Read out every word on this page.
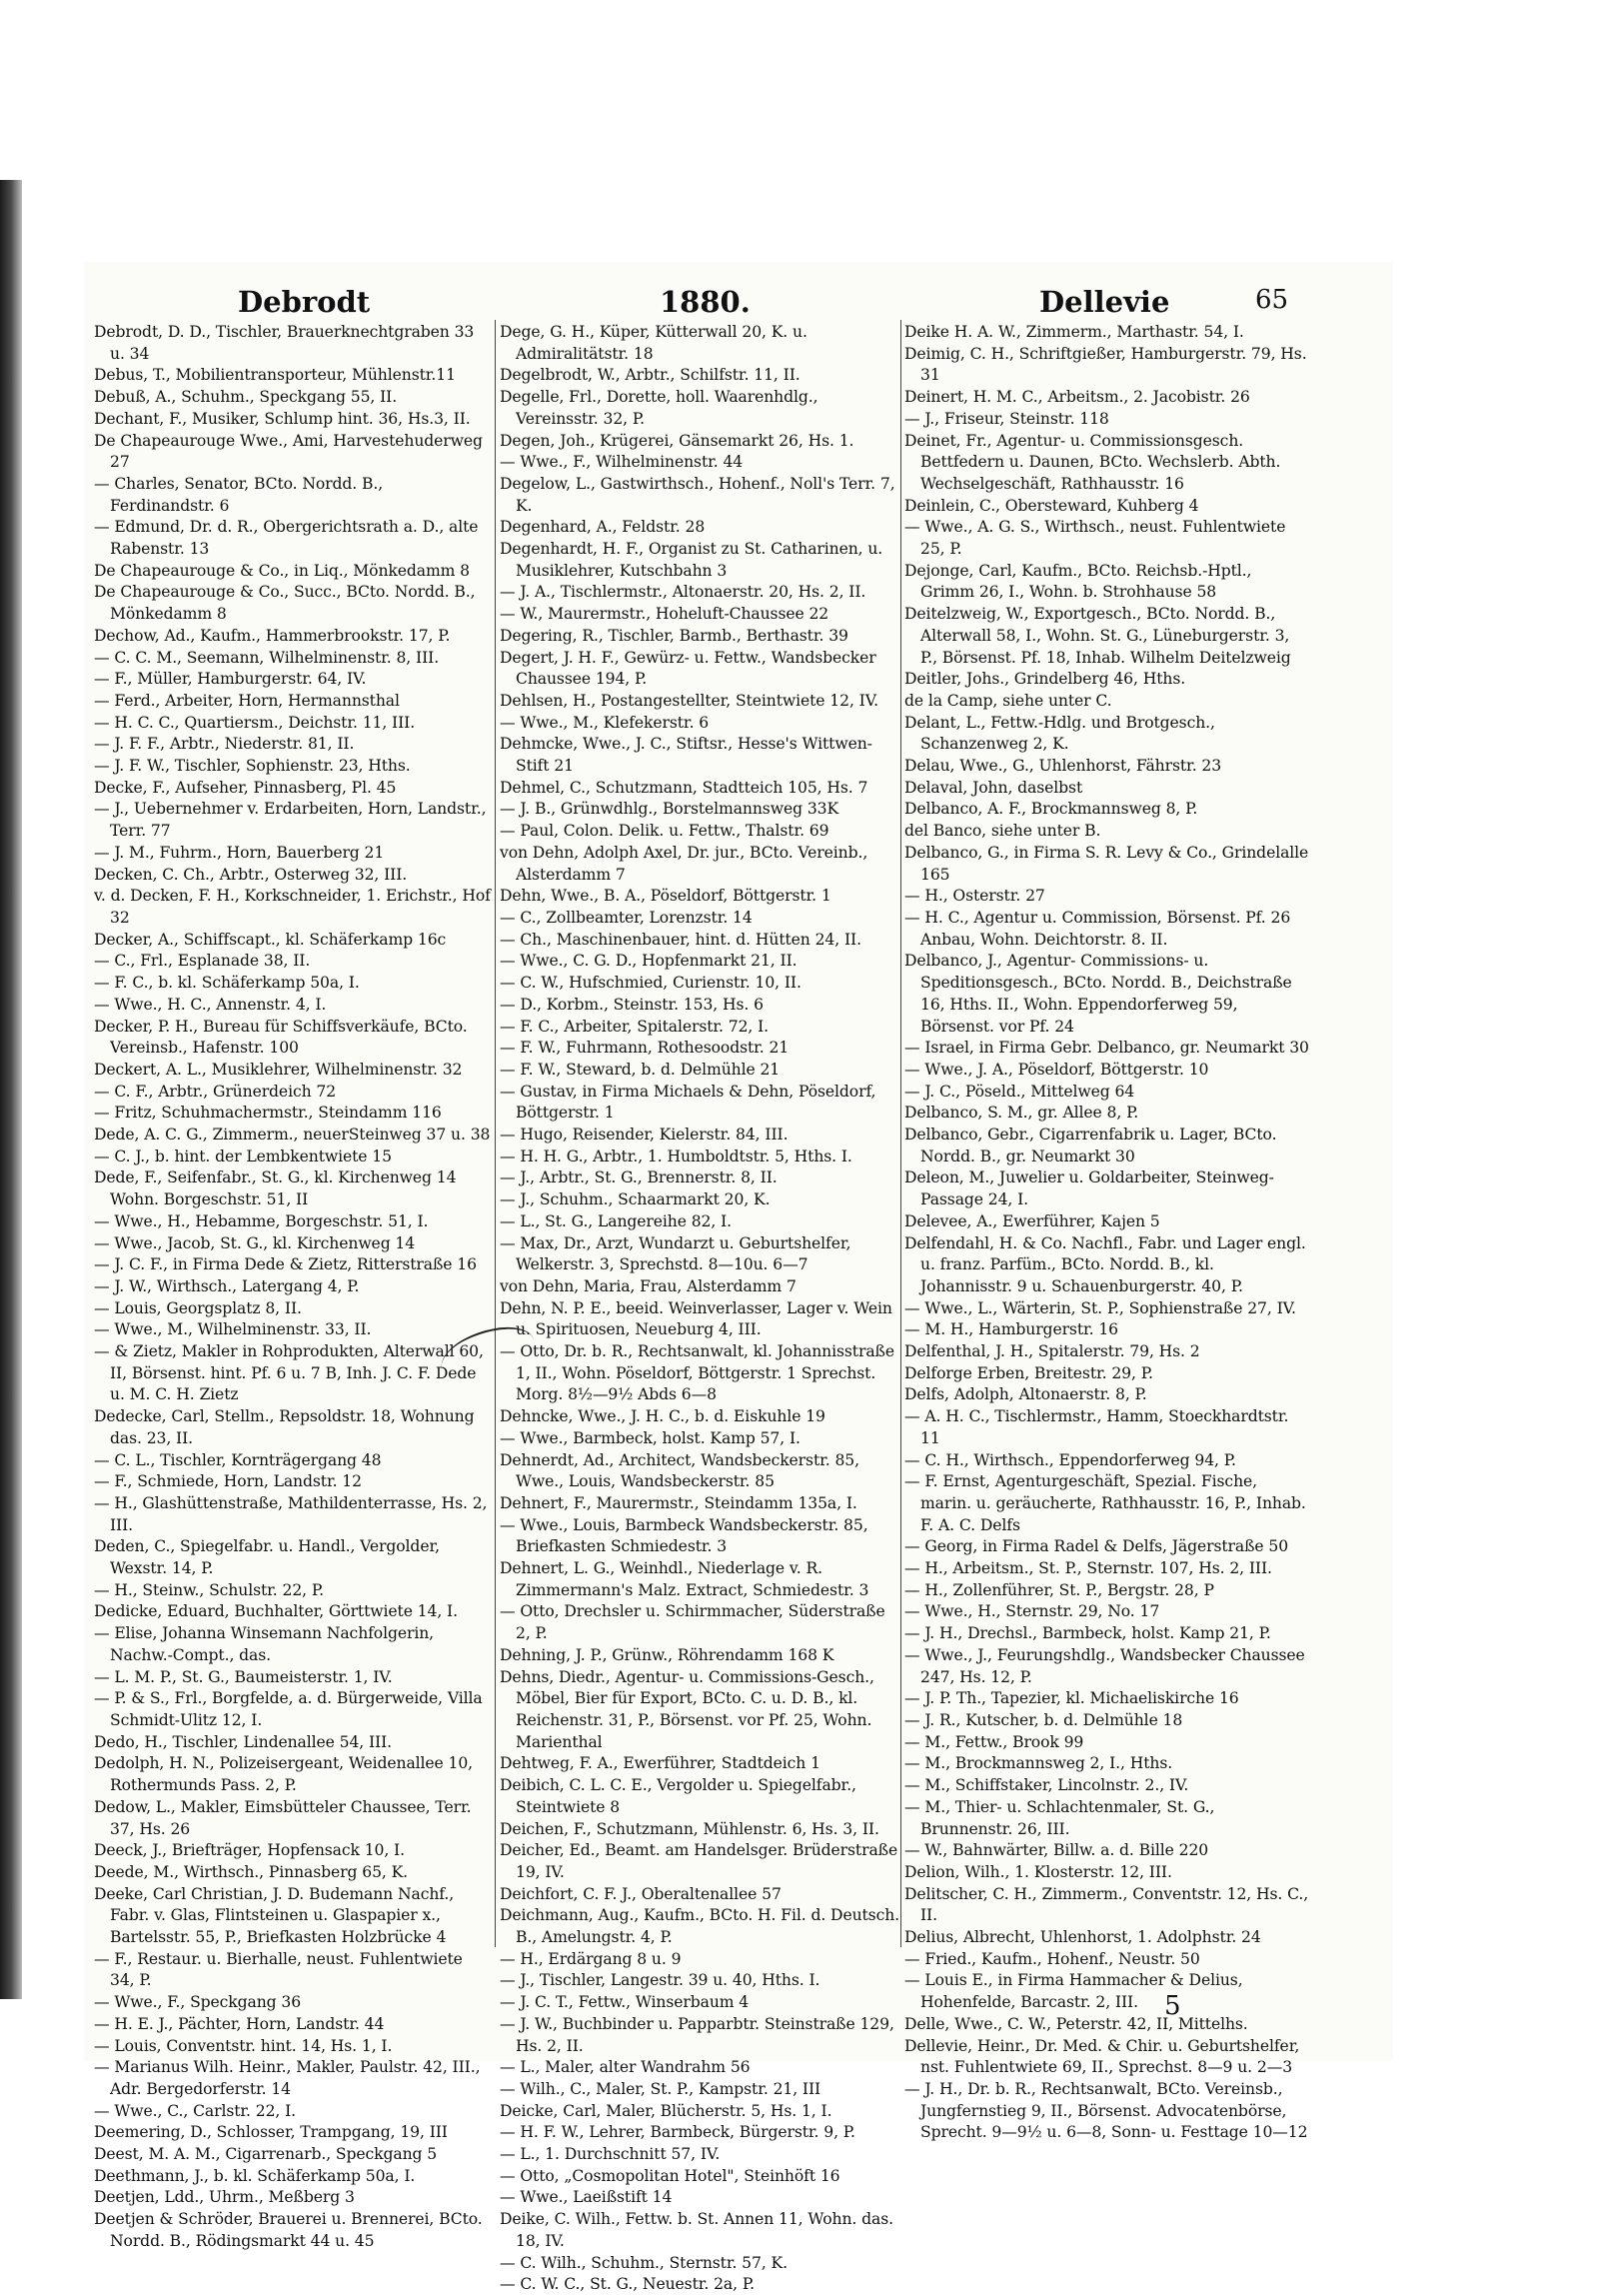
Debrodt	1880.	Dellevie	65

Debrodt, D. D., Tischler, Brauerknechtgraben 33 u. 34

Debus, T., Mobilientransporteur, Mühlenstr.11

Debuß, A., Schuhm., Speckgang 55, II.

Dechant, F., Musiker, Schlump hint. 36, Hs.3, II.

De Chapeaurouge Wwe., Ami, Harvestehuderweg 27

— Charles, Senator, BCto. Nordd. B., Ferdinandstr. 6

— Edmund, Dr. d. R., Obergerichtsrath a. D., alte Rabenstr. 13

De Chapeaurouge & Co., in Liq., Mönkedamm 8

De Chapeaurouge & Co., Succ., BCto. Nordd. B., Mönkedamm 8

Dechow, Ad., Kaufm., Hammerbrookstr. 17, P.

— C. C. M., Seemann, Wilhelminenstr. 8, III.

— F., Müller, Hamburgerstr. 64, IV.

— Ferd., Arbeiter, Horn, Hermannsthal

— H. C. C., Quartiersm., Deichstr. 11, III.

— J. F. F., Arbtr., Niederstr. 81, II.

— J. F. W., Tischler, Sophienstr. 23, Hths.

Decke, F., Aufseher, Pinnasberg, Pl. 45

— J., Uebernehmer v. Erdarbeiten, Horn, Landstr., Terr. 77

— J. M., Fuhrm., Horn, Bauerberg 21

Decken, C. Ch., Arbtr., Osterweg 32, III.

v. d. Decken, F. H., Korkschneider, 1. Erichstr., Hof 32

Decker, A., Schiffscapt., kl. Schäferkamp 16c

— C., Frl., Esplanade 38, II.

— F. C., b. kl. Schäferkamp 50a, I.

— Wwe., H. C., Annenstr. 4, I.

Decker, P. H., Bureau für Schiffsverkäufe, BCto. Vereinsb., Hafenstr. 100

Deckert, A. L., Musiklehrer, Wilhelminenstr. 32

— C. F., Arbtr., Grünerdeich 72

— Fritz, Schuhmachermstr., Steindamm 116

Dede, A. C. G., Zimmerm., neuerSteinweg 37 u. 38

— C. J., b. hint. der Lembkentwiete 15

Dede, F., Seifenfabr., St. G., kl. Kirchenweg 14 Wohn. Borgeschstr. 51, II

— Wwe., H., Hebamme, Borgeschstr. 51, I.

— Wwe., Jacob, St. G., kl. Kirchenweg 14

— J. C. F., in Firma Dede & Zietz, Ritterstraße 16

— J. W., Wirthsch., Latergang 4, P.

— Louis, Georgsplatz 8, II.

— Wwe., M., Wilhelminenstr. 33, II.

— & Zietz, Makler in Rohprodukten, Alterwall 60, II, Börsenst. hint. Pf. 6 u. 7 B, Inh. J. C. F. Dede u. M. C. H. Zietz

Dedecke, Carl, Stellm., Repsoldstr. 18, Wohnung das. 23, II.

— C. L., Tischler, Kornträgergang 48

— F., Schmiede, Horn, Landstr. 12

— H., Glashüttenstraße, Mathildenterrasse, Hs. 2, III.

Deden, C., Spiegelfabr. u. Handl., Vergolder, Wexstr. 14, P.

— H., Steinw., Schulstr. 22, P.

Dedicke, Eduard, Buchhalter, Görttwiete 14, I.

— Elise, Johanna Winsemann Nachfolgerin, Nachw.-Compt., das.

— L. M. P., St. G., Baumeisterstr. 1, IV.

— P. & S., Frl., Borgfelde, a. d. Bürgerweide, Villa Schmidt-Ulitz 12, I.

Dedo, H., Tischler, Lindenallee 54, III.

Dedolph, H. N., Polizeisergeant, Weidenallee 10, Rothermunds Pass. 2, P.

Dedow, L., Makler, Eimsbütteler Chaussee, Terr. 37, Hs. 26

Deeck, J., Briefträger, Hopfensack 10, I.

Deede, M., Wirthsch., Pinnasberg 65, K.

Deeke, Carl Christian, J. D. Budemann Nachf., Fabr. v. Glas, Flintsteinen u. Glaspapier x., Bartelsstr. 55, P., Briefkasten Holzbrücke 4

— F., Restaur. u. Bierhalle, neust. Fuhlentwiete 34, P.

— Wwe., F., Speckgang 36

— H. E. J., Pächter, Horn, Landstr. 44

— Louis, Conventstr. hint. 14, Hs. 1, I.

— Marianus Wilh. Heinr., Makler, Paulstr. 42, III., Adr. Bergedorferstr. 14

— Wwe., C., Carlstr. 22, I.

Deemering, D., Schlosser, Trampgang, 19, III

Deest, M. A. M., Cigarrenarb., Speckgang 5

Deethmann, J., b. kl. Schäferkamp 50a, I.

Deetjen, Ldd., Uhrm., Meßberg 3

Deetjen & Schröder, Brauerei u. Brennerei, BCto. Nordd. B., Rödingsmarkt 44 u. 45

Dege, G. H., Küper, Kütterwall 20, K. u. Admiralitätstr. 18

Degelbrodt, W., Arbtr., Schilfstr. 11, II.

Degelle, Frl., Dorette, holl. Waarenhdlg., Vereinsstr. 32, P.

Degen, Joh., Krügerei, Gänsemarkt 26, Hs. 1.

— Wwe., F., Wilhelminenstr. 44

Degelow, L., Gastwirthsch., Hohenf., Noll's Terr. 7, K.

Degenhard, A., Feldstr. 28

Degenhardt, H. F., Organist zu St. Catharinen, u. Musiklehrer, Kutschbahn 3

— J. A., Tischlermstr., Altonaerstr. 20, Hs. 2, II.

— W., Maurermstr., Hoheluft-Chaussee 22

Degering, R., Tischler, Barmb., Berthastr. 39

Degert, J. H. F., Gewürz- u. Fettw., Wandsbecker Chaussee 194, P.

Dehlsen, H., Postangestellter, Steintwiete 12, IV.

— Wwe., M., Klefekerstr. 6

Dehmcke, Wwe., J. C., Stiftsr., Hesse's Wittwen-Stift 21

Dehmel, C., Schutzmann, Stadtteich 105, Hs. 7

— J. B., Grünwdhlg., Borstelmannsweg 33K

— Paul, Colon. Delik. u. Fettw., Thalstr. 69

von Dehn, Adolph Axel, Dr. jur., BCto. Vereinb., Alsterdamm 7

Dehn, Wwe., B. A., Pöseldorf, Böttgerstr. 1

— C., Zollbeamter, Lorenzstr. 14

— Ch., Maschinenbauer, hint. d. Hütten 24, II.

— Wwe., C. G. D., Hopfenmarkt 21, II.

— C. W., Hufschmied, Curienstr. 10, II.

— D., Korbm., Steinstr. 153, Hs. 6

— F. C., Arbeiter, Spitalerstr. 72, I.

— F. W., Fuhrmann, Rothesoodstr. 21

— F. W., Steward, b. d. Delmühle 21

— Gustav, in Firma Michaels & Dehn, Pöseldorf, Böttgerstr. 1

— Hugo, Reisender, Kielerstr. 84, III.

— H. H. G., Arbtr., 1. Humboldtstr. 5, Hths. I.

— J., Arbtr., St. G., Brennerstr. 8, II.

— J., Schuhm., Schaarmarkt 20, K.

— L., St. G., Langereihe 82, I.

— Max, Dr., Arzt, Wundarzt u. Geburtshelfer, Welkerstr. 3, Sprechstd. 8—10u. 6—7

von Dehn, Maria, Frau, Alsterdamm 7

Dehn, N. P. E., beeid. Weinverlasser, Lager v. Wein u. Spirituosen, Neueburg 4, III.

— Otto, Dr. b. R., Rechtsanwalt, kl. Johannisstraße 1, II., Wohn. Pöseldorf, Böttgerstr. 1 Sprechst. Morg. 8½—9½ Abds 6—8

Dehncke, Wwe., J. H. C., b. d. Eiskuhle 19

— Wwe., Barmbeck, holst. Kamp 57, I.

Dehnerdt, Ad., Architect, Wandsbeckerstr. 85, Wwe., Louis, Wandsbeckerstr. 85

Dehnert, F., Maurermstr., Steindamm 135a, I.

— Wwe., Louis, Barmbeck Wandsbeckerstr. 85, Briefkasten Schmiedestr. 3

Dehnert, L. G., Weinhdl., Niederlage v. R. Zimmermann's Malz. Extract, Schmiedestr. 3

— Otto, Drechsler u. Schirmmacher, Süderstraße 2, P.

Dehning, J. P., Grünw., Röhrendamm 168 K

Dehns, Diedr., Agentur- u. Commissions-Gesch., Möbel, Bier für Export, BCto. C. u. D. B., kl. Reichenstr. 31, P., Börsenst. vor Pf. 25, Wohn. Marienthal

Dehtweg, F. A., Ewerführer, Stadtdeich 1

Deibich, C. L. C. E., Vergolder u. Spiegelfabr., Steintwiete 8

Deichen, F., Schutzmann, Mühlenstr. 6, Hs. 3, II.

Deicher, Ed., Beamt. am Handelsger. Brüderstraße 19, IV.

Deichfort, C. F. J., Oberaltenallee 57

Deichmann, Aug., Kaufm., BCto. H. Fil. d. Deutsch. B., Amelungstr. 4, P.

— H., Erdärgang 8 u. 9

— J., Tischler, Langestr. 39 u. 40, Hths. I.

— J. C. T., Fettw., Winserbaum 4

— J. W., Buchbinder u. Papparbtr. Steinstraße 129, Hs. 2, II.

— L., Maler, alter Wandrahm 56

— Wilh., C., Maler, St. P., Kampstr. 21, III

Deicke, Carl, Maler, Blücherstr. 5, Hs. 1, I.

— H. F. W., Lehrer, Barmbeck, Bürgerstr. 9, P.

— L., 1. Durchschnitt 57, IV.

— Otto, „Cosmopolitan Hotel", Steinhöft 16

— Wwe., Laeißstift 14

Deike, C. Wilh., Fettw. b. St. Annen 11, Wohn. das. 18, IV.

— C. Wilh., Schuhm., Sternstr. 57, K.

— C. W. C., St. G., Neuestr. 2a, P.

Deike H. A. W., Zimmerm., Marthastr. 54, I.

Deimig, C. H., Schriftgießer, Hamburgerstr. 79, Hs. 31

Deinert, H. M. C., Arbeitsm., 2. Jacobistr. 26

— J., Friseur, Steinstr. 118

Deinet, Fr., Agentur- u. Commissionsgesch. Bettfedern u. Daunen, BCto. Wechslerb. Abth. Wechselgeschäft, Rathhausstr. 16

Deinlein, C., Obersteward, Kuhberg 4

— Wwe., A. G. S., Wirthsch., neust. Fuhlentwiete 25, P.

Dejonge, Carl, Kaufm., BCto. Reichsb.-Hptl., Grimm 26, I., Wohn. b. Strohhause 58

Deitelzweig, W., Exportgesch., BCto. Nordd. B., Alterwall 58, I., Wohn. St. G., Lüneburgerstr. 3, P., Börsenst. Pf. 18, Inhab. Wilhelm Deitelzweig

Deitler, Johs., Grindelberg 46, Hths.

de la Camp, siehe unter C.

Delant, L., Fettw.-Hdlg. und Brotgesch., Schanzenweg 2, K.

Delau, Wwe., G., Uhlenhorst, Fährstr. 23

Delaval, John, daselbst

Delbanco, A. F., Brockmannsweg 8, P.

del Banco, siehe unter B.

Delbanco, G., in Firma S. R. Levy & Co., Grindelalle 165

— H., Osterstr. 27

— H. C., Agentur u. Commission, Börsenst. Pf. 26 Anbau, Wohn. Deichtorstr. 8. II.

Delbanco, J., Agentur- Commissions- u. Speditionsgesch., BCto. Nordd. B., Deichstraße 16, Hths. II., Wohn. Eppendorferweg 59, Börsenst. vor Pf. 24

— Israel, in Firma Gebr. Delbanco, gr. Neumarkt 30

— Wwe., J. A., Pöseldorf, Böttgerstr. 10

— J. C., Pöseld., Mittelweg 64

Delbanco, S. M., gr. Allee 8, P.

Delbanco, Gebr., Cigarrenfabrik u. Lager, BCto. Nordd. B., gr. Neumarkt 30

Deleon, M., Juwelier u. Goldarbeiter, Steinweg-Passage 24, I.

Delevee, A., Ewerführer, Kajen 5

Delfendahl, H. & Co. Nachfl., Fabr. und Lager engl. u. franz. Parfüm., BCto. Nordd. B., kl. Johannisstr. 9 u. Schauenburgerstr. 40, P.

— Wwe., L., Wärterin, St. P., Sophienstraße 27, IV.

— M. H., Hamburgerstr. 16

Delfenthal, J. H., Spitalerstr. 79, Hs. 2

Delforge Erben, Breitestr. 29, P.

Delfs, Adolph, Altonaerstr. 8, P.

— A. H. C., Tischlermstr., Hamm, Stoeckhardtstr. 11

— C. H., Wirthsch., Eppendorferweg 94, P.

— F. Ernst, Agenturgeschäft, Spezial. Fische, marin. u. geräucherte, Rathhausstr. 16, P., Inhab. F. A. C. Delfs

— Georg, in Firma Radel & Delfs, Jägerstraße 50

— H., Arbeitsm., St. P., Sternstr. 107, Hs. 2, III.

— H., Zollenführer, St. P., Bergstr. 28, P

— Wwe., H., Sternstr. 29, No. 17

— J. H., Drechsl., Barmbeck, holst. Kamp 21, P.

— Wwe., J., Feurungshdlg., Wandsbecker Chaussee 247, Hs. 12, P.

— J. P. Th., Tapezier, kl. Michaeliskirche 16

— J. R., Kutscher, b. d. Delmühle 18

— M., Fettw., Brook 99

— M., Brockmannsweg 2, I., Hths.

— M., Schiffstaker, Lincolnstr. 2., IV.

— M., Thier- u. Schlachtenmaler, St. G., Brunnenstr. 26, III.

— W., Bahnwärter, Billw. a. d. Bille 220

Delion, Wilh., 1. Klosterstr. 12, III.

Delitscher, C. H., Zimmerm., Conventstr. 12, Hs. C., II.

Delius, Albrecht, Uhlenhorst, 1. Adolphstr. 24

— Fried., Kaufm., Hohenf., Neustr. 50

— Louis E., in Firma Hammacher & Delius, Hohenfelde, Barcastr. 2, III.

Delle, Wwe., C. W., Peterstr. 42, II, Mittelhs.

Dellevie, Heinr., Dr. Med. & Chir. u. Geburtshelfer, nst. Fuhlentwiete 69, II., Sprechst. 8—9 u. 2—3

— J. H., Dr. b. R., Rechtsanwalt, BCto. Vereinsb., Jungfernstieg 9, II., Börsenst. Advocatenbörse, Sprecht. 9—9½ u. 6—8, Sonn- u. Festtage 10—12

5
